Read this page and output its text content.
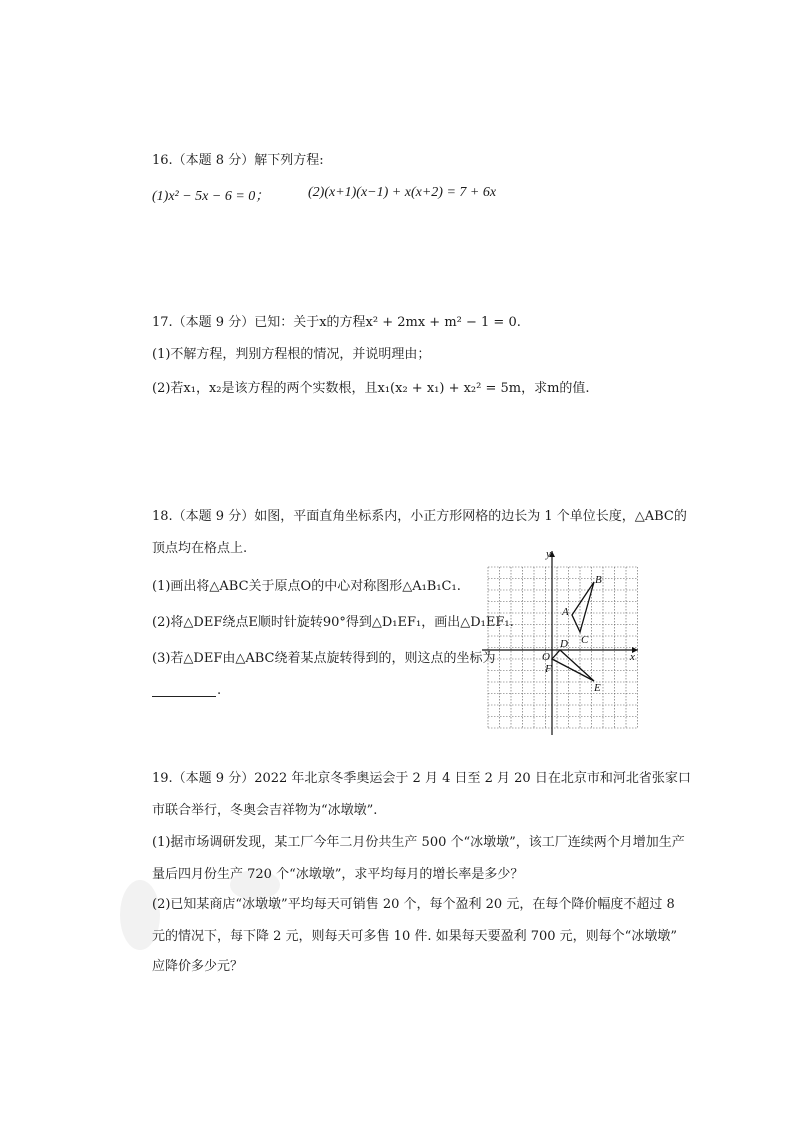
16.（本题 8 分）解下列方程:
(1)x² − 5x − 6 = 0；	(2)(x+1)(x−1) + x(x+2) = 7 + 6x
17.（本题 9 分）已知：关于x的方程x² + 2mx + m² − 1 = 0.
(1)不解方程，判别方程根的情况，并说明理由；
(2)若x₁，x₂是该方程的两个实数根，且x₁(x₂ + x₁) + x₂² = 5m，求m的值.
18.（本题 9 分）如图，平面直角坐标系内，小正方形网格的边长为 1 个单位长度，△ABC的
顶点均在格点上.
(1)画出将△ABC关于原点O的中心对称图形△A₁B₁C₁.
(2)将△DEF绕点E顺时针旋转90°得到△D₁EF₁，画出△D₁EF₁.
(3)若△DEF由△ABC绕着某点旋转得到的，则这点的坐标为
.
x
y
O
A
B
C
D
E
F
19.（本题 9 分）2022 年北京冬季奥运会于 2 月 4 日至 2 月 20 日在北京市和河北省张家口
市联合举行，冬奥会吉祥物为“冰墩墩”.
(1)据市场调研发现，某工厂今年二月份共生产 500 个“冰墩墩”，该工厂连续两个月增加生产
量后四月份生产 720 个“冰墩墩”，求平均每月的增长率是多少？
(2)已知某商店“冰墩墩”平均每天可销售 20 个，每个盈利 20 元，在每个降价幅度不超过 8
元的情况下，每下降 2 元，则每天可多售 10 件. 如果每天要盈利 700 元，则每个“冰墩墩”
应降价多少元？
